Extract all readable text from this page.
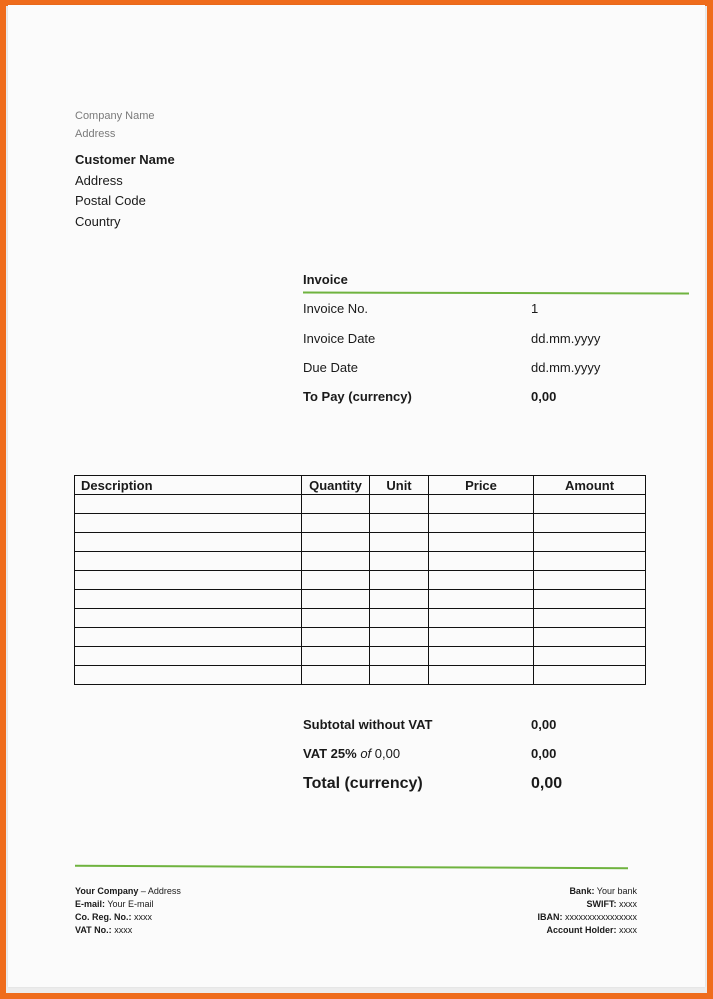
Company Name
Address
Customer Name
Address
Postal Code
Country
Invoice
Invoice No.	1
Invoice Date	dd.mm.yyyy
Due Date	dd.mm.yyyy
To Pay (currency)	0,00
Description	Quantity	Unit	Price	Amount

Subtotal without VAT	0,00
VAT 25% of 0,00	0,00
Total (currency)	0,00
Your Company – Address
E-mail: Your E-mail
Co. Reg. No.: xxxx
VAT No.: xxxx
Bank: Your bank
SWIFT: xxxx
IBAN: xxxxxxxxxxxxxxxx
Account Holder: xxxx
